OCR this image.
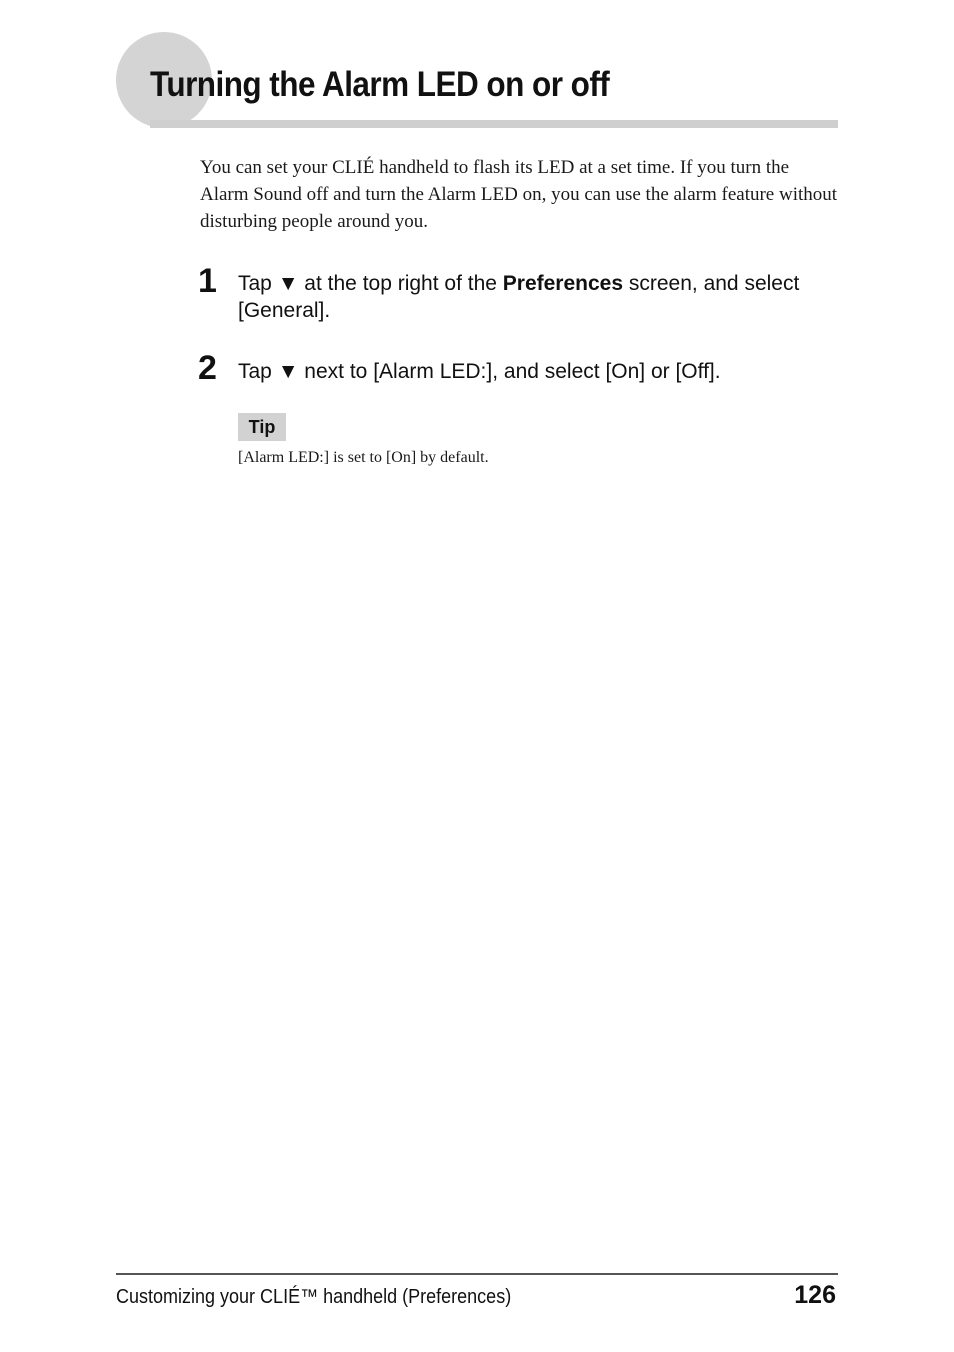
Turning the Alarm LED on or off

You can set your CLIÉ handheld to flash its LED at a set time. If you turn the Alarm Sound off and turn the Alarm LED on, you can use the alarm feature without disturbing people around you.

1 Tap ▼ at the top right of the Preferences screen, and select [General].

2 Tap ▼ next to [Alarm LED:], and select [On] or [Off].

Tip

[Alarm LED:] is set to [On] by default.

Customizing your CLIÉ™ handheld (Preferences)	126
